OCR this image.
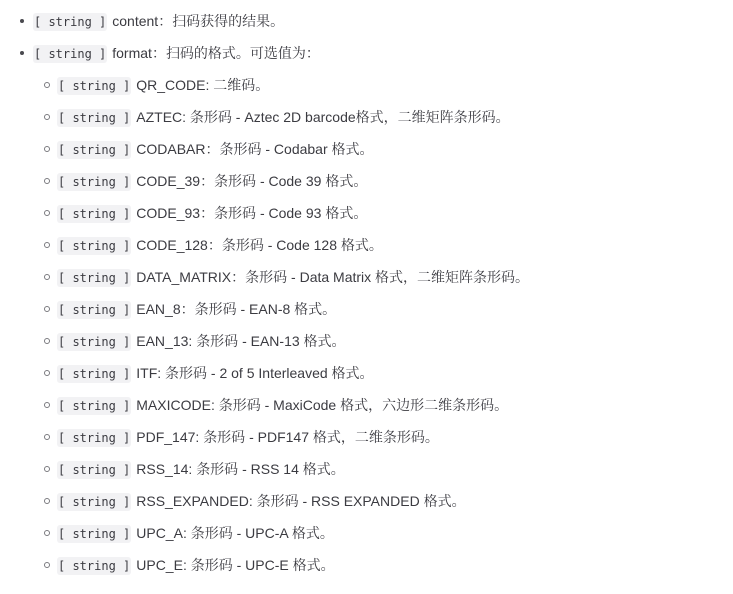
[ string ] content：扫码获得的结果。
[ string ] format：扫码的格式。可选值为：
[ string ] QR_CODE: 二维码。
[ string ] AZTEC: 条形码 - Aztec 2D barcode格式，二维矩阵条形码。
[ string ] CODABAR：条形码 - Codabar 格式。
[ string ] CODE_39：条形码 - Code 39 格式。
[ string ] CODE_93：条形码 - Code 93 格式。
[ string ] CODE_128：条形码 - Code 128 格式。
[ string ] DATA_MATRIX：条形码 - Data Matrix 格式，二维矩阵条形码。
[ string ] EAN_8：条形码 - EAN-8 格式。
[ string ] EAN_13: 条形码 - EAN-13 格式。
[ string ] ITF: 条形码 - 2 of 5 Interleaved 格式。
[ string ] MAXICODE: 条形码 - MaxiCode 格式，六边形二维条形码。
[ string ] PDF_147: 条形码 - PDF147 格式，二维条形码。
[ string ] RSS_14: 条形码 - RSS 14 格式。
[ string ] RSS_EXPANDED: 条形码 - RSS EXPANDED 格式。
[ string ] UPC_A: 条形码 - UPC-A 格式。
[ string ] UPC_E: 条形码 - UPC-E 格式。
